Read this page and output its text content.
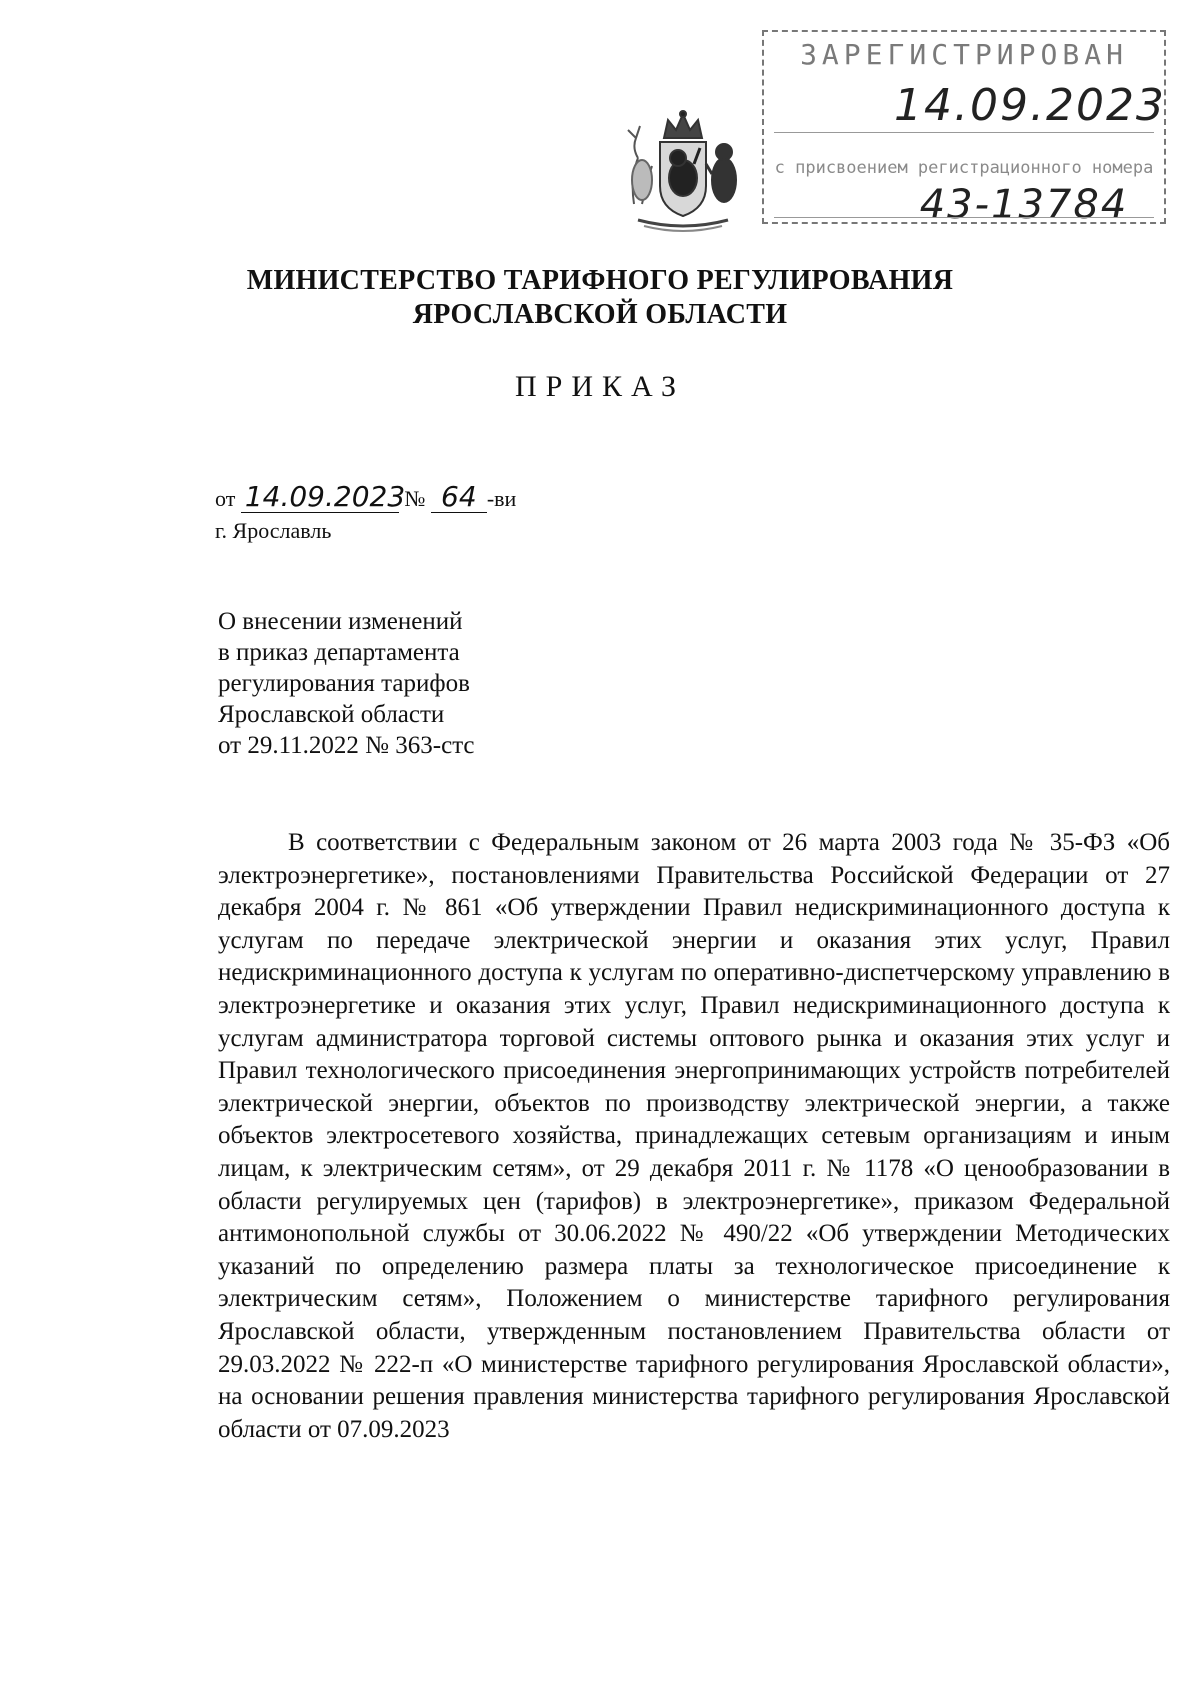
ЗАРЕГИСТРИРОВАН
14.09.2023
с присвоением регистрационного номера
43-13784
МИНИСТЕРСТВО ТАРИФНОГО РЕГУЛИРОВАНИЯ
ЯРОСЛАВСКОЙ ОБЛАСТИ
ПРИКАЗ
от 14.09.2023 № 64 -ви
г. Ярославль
О внесении изменений
в приказ департамента
регулирования тарифов
Ярославской области
от 29.11.2022 № 363-стс
В соответствии с Федеральным законом от 26 марта 2003 года № 35-ФЗ «Об электроэнергетике», постановлениями Правительства Российской Федерации от 27 декабря 2004 г. № 861 «Об утверждении Правил недискриминационного доступа к услугам по передаче электрической энергии и оказания этих услуг, Правил недискриминационного доступа к услугам по оперативно-диспетчерскому управлению в электроэнергетике и оказания этих услуг, Правил недискриминационного доступа к услугам администратора торговой системы оптового рынка и оказания этих услуг и Правил технологического присоединения энергопринимающих устройств потребителей электрической энергии, объектов по производству электрической энергии, а также объектов электросетевого хозяйства, принадлежащих сетевым организациям и иным лицам, к электрическим сетям», от 29 декабря 2011 г. № 1178 «О ценообразовании в области регулируемых цен (тарифов) в электроэнергетике», приказом Федеральной антимонопольной службы от 30.06.2022 № 490/22 «Об утверждении Методических указаний по определению размера платы за технологическое присоединение к электрическим сетям», Положением о министерстве тарифного регулирования Ярославской области, утвержденным постановлением Правительства области от 29.03.2022 № 222-п «О министерстве тарифного регулирования Ярославской области», на основании решения правления министерства тарифного регулирования Ярославской области от 07.09.2023
